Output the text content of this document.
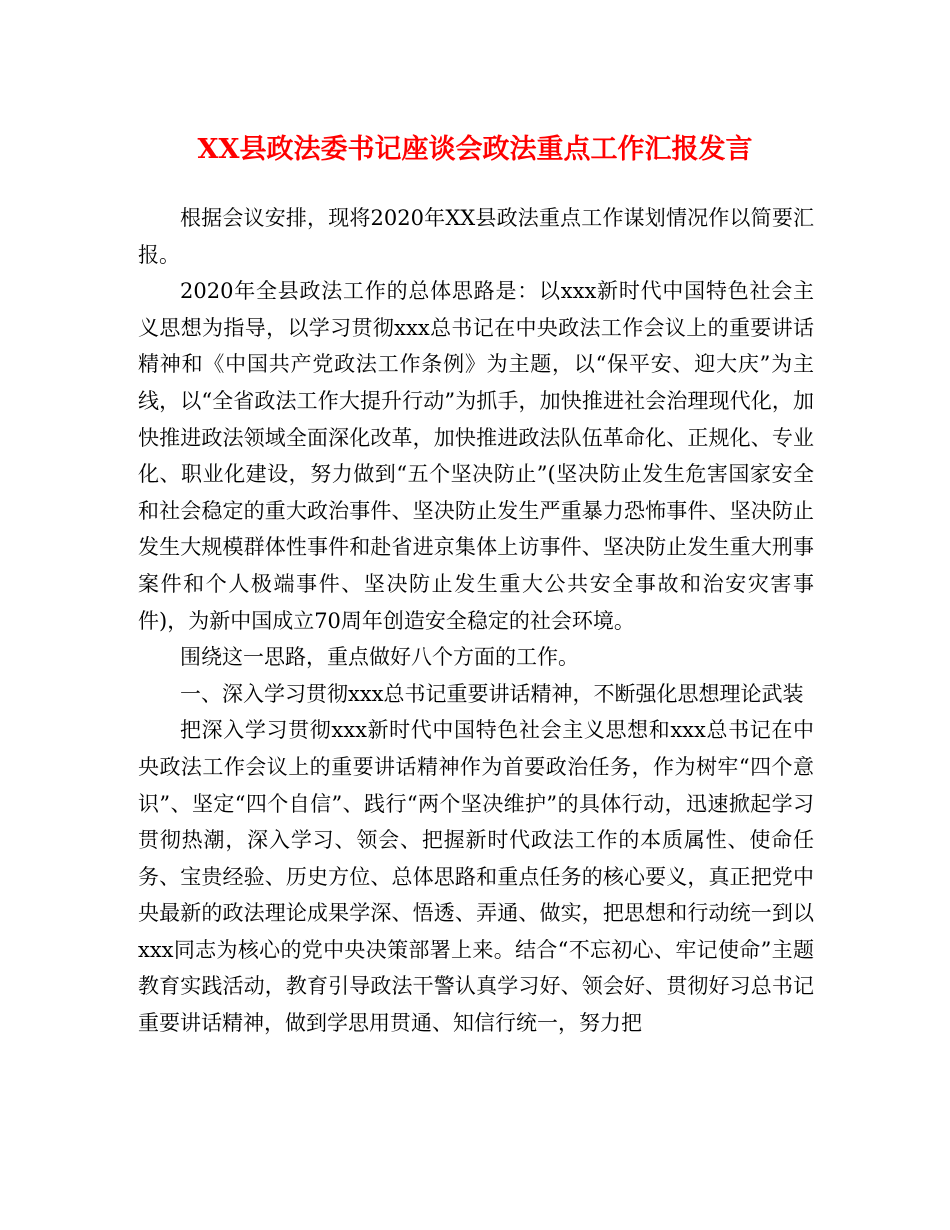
XX县政法委书记座谈会政法重点工作汇报发言

根据会议安排，现将2020年XX县政法重点工作谋划情况作以简要汇报。

2020年全县政法工作的总体思路是：以xxx新时代中国特色社会主义思想为指导，以学习贯彻xxx总书记在中央政法工作会议上的重要讲话精神和《中国共产党政法工作条例》为主题，以“保平安、迎大庆”为主线，以“全省政法工作大提升行动”为抓手，加快推进社会治理现代化，加快推进政法领域全面深化改革，加快推进政法队伍革命化、正规化、专业化、职业化建设，努力做到“五个坚决防止”(坚决防止发生危害国家安全和社会稳定的重大政治事件、坚决防止发生严重暴力恐怖事件、坚决防止发生大规模群体性事件和赴省进京集体上访事件、坚决防止发生重大刑事案件和个人极端事件、坚决防止发生重大公共安全事故和治安灾害事件)，为新中国成立70周年创造安全稳定的社会环境。

围绕这一思路，重点做好八个方面的工作。

一、深入学习贯彻xxx总书记重要讲话精神，不断强化思想理论武装

把深入学习贯彻xxx新时代中国特色社会主义思想和xxx总书记在中央政法工作会议上的重要讲话精神作为首要政治任务，作为树牢“四个意识”、坚定“四个自信”、践行“两个坚决维护”的具体行动，迅速掀起学习贯彻热潮，深入学习、领会、把握新时代政法工作的本质属性、使命任务、宝贵经验、历史方位、总体思路和重点任务的核心要义，真正把党中央最新的政法理论成果学深、悟透、弄通、做实，把思想和行动统一到以xxx同志为核心的党中央决策部署上来。结合“不忘初心、牢记使命”主题教育实践活动，教育引导政法干警认真学习好、领会好、贯彻好习总书记重要讲话精神，做到学思用贯通、知信行统一，努力把
